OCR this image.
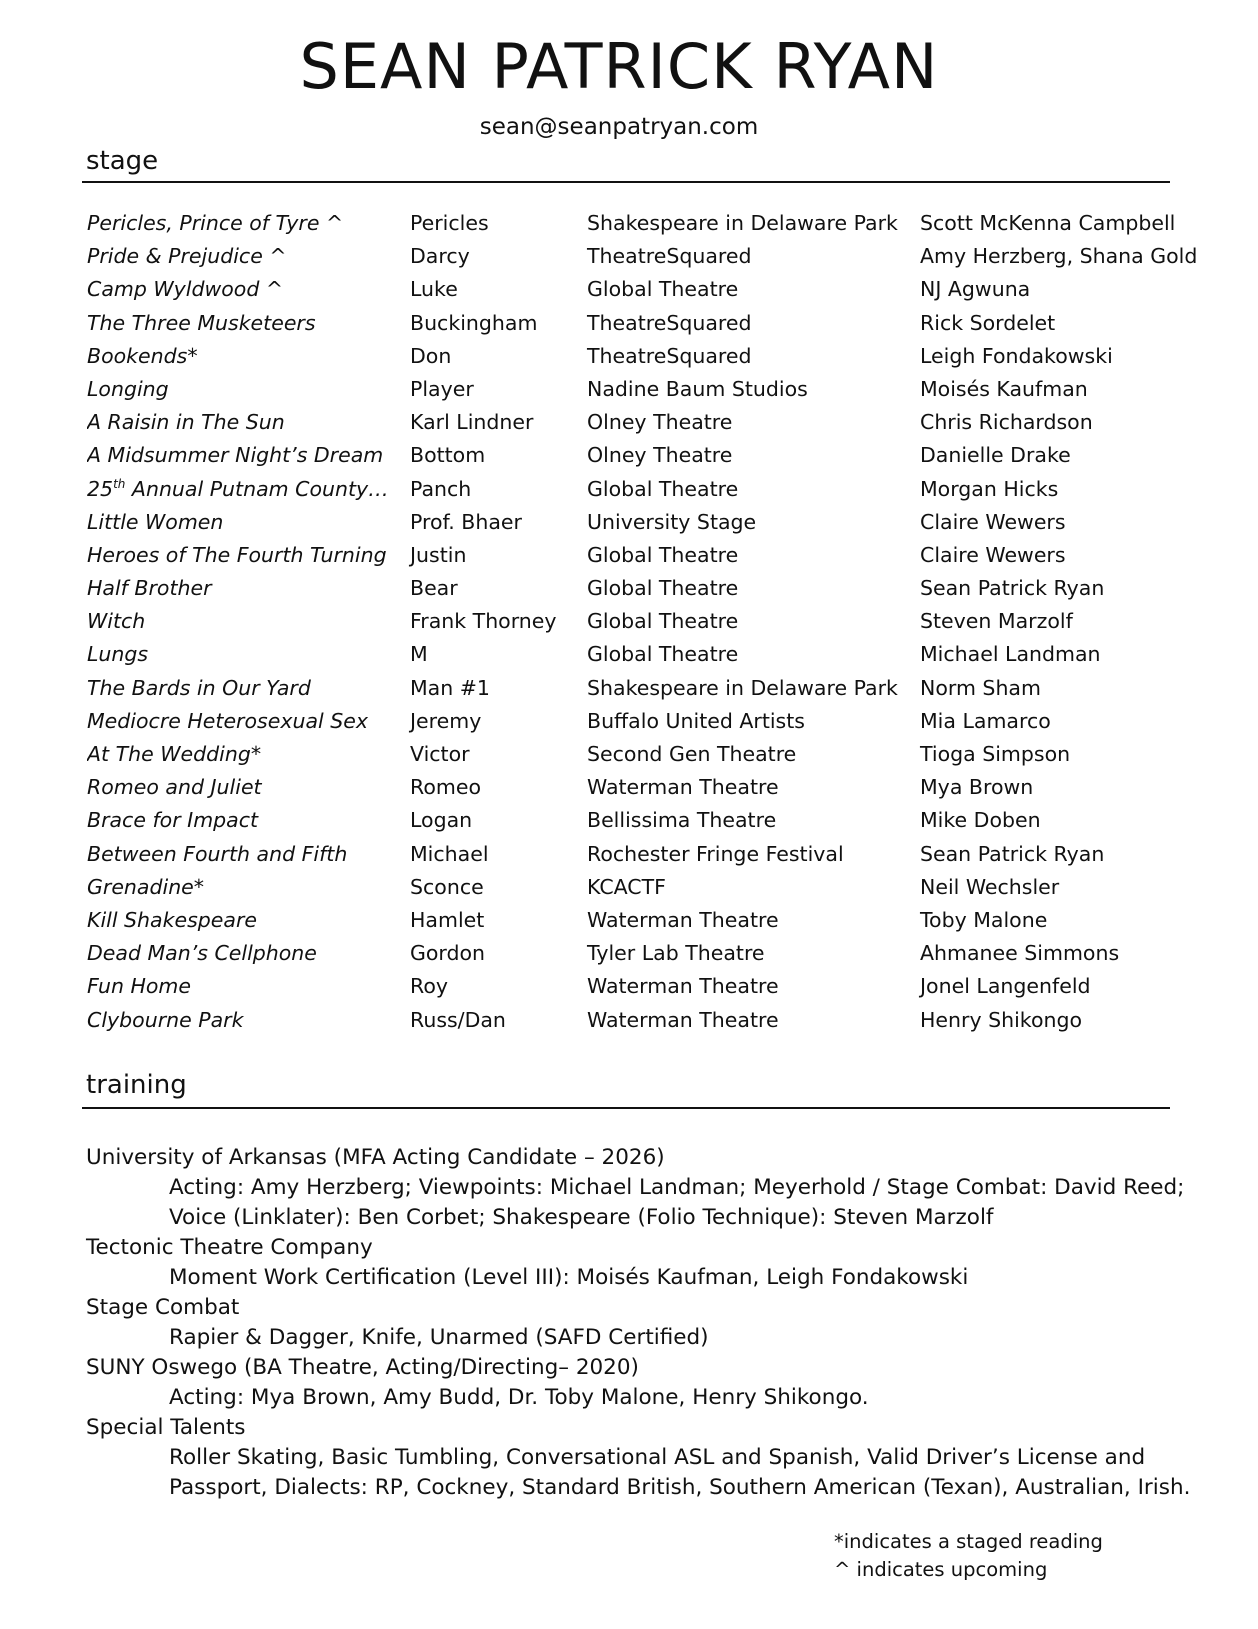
SEAN PATRICK RYAN
sean@seanpatryan.com
stage
Pericles, Prince of Tyre ^	Pericles	Shakespeare in Delaware Park	Scott McKenna Campbell
Pride & Prejudice ^	Darcy	TheatreSquared	Amy Herzberg, Shana Gold
Camp Wyldwood ^	Luke	Global Theatre	NJ Agwuna
The Three Musketeers	Buckingham	TheatreSquared	Rick Sordelet
Bookends*	Don	TheatreSquared	Leigh Fondakowski
Longing	Player	Nadine Baum Studios	Moisés Kaufman
A Raisin in The Sun	Karl Lindner	Olney Theatre	Chris Richardson
A Midsummer Night’s Dream	Bottom	Olney Theatre	Danielle Drake
25th Annual Putnam County…	Panch	Global Theatre	Morgan Hicks
Little Women	Prof. Bhaer	University Stage	Claire Wewers
Heroes of The Fourth Turning	Justin	Global Theatre	Claire Wewers
Half Brother	Bear	Global Theatre	Sean Patrick Ryan
Witch	Frank Thorney	Global Theatre	Steven Marzolf
Lungs	M	Global Theatre	Michael Landman
The Bards in Our Yard	Man #1	Shakespeare in Delaware Park	Norm Sham
Mediocre Heterosexual Sex	Jeremy	Buffalo United Artists	Mia Lamarco
At The Wedding*	Victor	Second Gen Theatre	Tioga Simpson
Romeo and Juliet	Romeo	Waterman Theatre	Mya Brown
Brace for Impact	Logan	Bellissima Theatre	Mike Doben
Between Fourth and Fifth	Michael	Rochester Fringe Festival	Sean Patrick Ryan
Grenadine*	Sconce	KCACTF	Neil Wechsler
Kill Shakespeare	Hamlet	Waterman Theatre	Toby Malone
Dead Man’s Cellphone	Gordon	Tyler Lab Theatre	Ahmanee Simmons
Fun Home	Roy	Waterman Theatre	Jonel Langenfeld
Clybourne Park	Russ/Dan	Waterman Theatre	Henry Shikongo
training
University of Arkansas (MFA Acting Candidate – 2026)
Acting: Amy Herzberg; Viewpoints: Michael Landman; Meyerhold / Stage Combat: David Reed; Voice (Linklater): Ben Corbet; Shakespeare (Folio Technique): Steven Marzolf
Tectonic Theatre Company
Moment Work Certification (Level III): Moisés Kaufman, Leigh Fondakowski
Stage Combat
Rapier & Dagger, Knife, Unarmed (SAFD Certified)
SUNY Oswego (BA Theatre, Acting/Directing– 2020)
Acting: Mya Brown, Amy Budd, Dr. Toby Malone, Henry Shikongo.
Special Talents
Roller Skating, Basic Tumbling, Conversational ASL and Spanish, Valid Driver’s License and Passport, Dialects: RP, Cockney, Standard British, Southern American (Texan), Australian, Irish.
*indicates a staged reading
^ indicates upcoming
